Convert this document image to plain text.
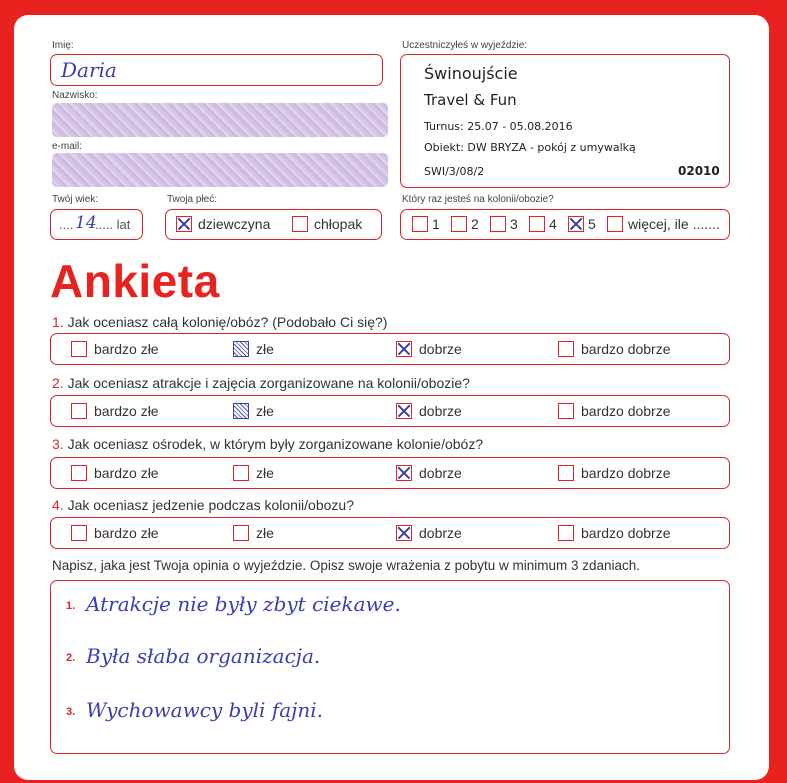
Imię:
Daria
Nazwisko:
e-mail:
Uczestniczyłeś w wyjeździe:
Świnoujście
Travel & Fun
Turnus: 25.07 - 05.08.2016
Obiekt: DW BRYZA - pokój z umywalką
SWI/3/08/2	02010
Twój wiek:
.... 14
..... lat
Twoja płeć:
dziewczyna	chłopak
Który raz jesteś na kolonii/obozie?
1 2 3 4 5 więcej, ile .......
Ankieta
1. Jak oceniasz całą kolonię/obóz? (Podobało Ci się?)
bardzo złe	złe	dobrze	bardzo dobrze
2. Jak oceniasz atrakcje i zajęcia zorganizowane na kolonii/obozie?
bardzo złe	złe	dobrze	bardzo dobrze
3. Jak oceniasz ośrodek, w którym były zorganizowane kolonie/obóz?
bardzo złe	złe	dobrze	bardzo dobrze
4. Jak oceniasz jedzenie podczas kolonii/obozu?
bardzo złe	złe	dobrze	bardzo dobrze
Napisz, jaka jest Twoja opinia o wyjeździe. Opisz swoje wrażenia z pobytu w minimum 3 zdaniach.
1. Atrakcje nie były zbyt ciekawe.
2. Była słaba organizacja.
3. Wychowawcy byli fajni.
